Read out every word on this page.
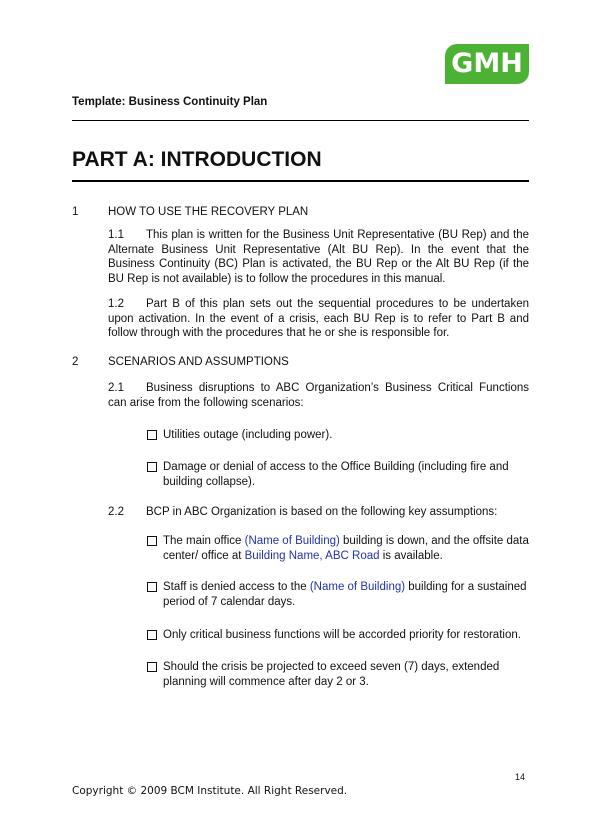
GMH
Template: Business Continuity Plan
PART A: INTRODUCTION
1	HOW TO USE THE RECOVERY PLAN
1.1 This plan is written for the Business Unit Representative (BU Rep) and the Alternate Business Unit Representative (Alt BU Rep). In the event that the Business Continuity (BC) Plan is activated, the BU Rep or the Alt BU Rep (if the BU Rep is not available) is to follow the procedures in this manual.
1.2 Part B of this plan sets out the sequential procedures to be undertaken upon activation. In the event of a crisis, each BU Rep is to refer to Part B and follow through with the procedures that he or she is responsible for.
2	SCENARIOS AND ASSUMPTIONS
2.1 Business disruptions to ABC Organization’s Business Critical Functions can arise from the following scenarios:
Utilities outage (including power).
Damage or denial of access to the Office Building (including fire and building collapse).
2.2 BCP in ABC Organization is based on the following key assumptions:
The main office (Name of Building) building is down, and the offsite data center/ office at Building Name, ABC Road is available.
Staff is denied access to the (Name of Building) building for a sustained period of 7 calendar days.
Only critical business functions will be accorded priority for restoration.
Should the crisis be projected to exceed seven (7) days, extended planning will commence after day 2 or 3.
14
Copyright © 2009 BCM Institute. All Right Reserved.
